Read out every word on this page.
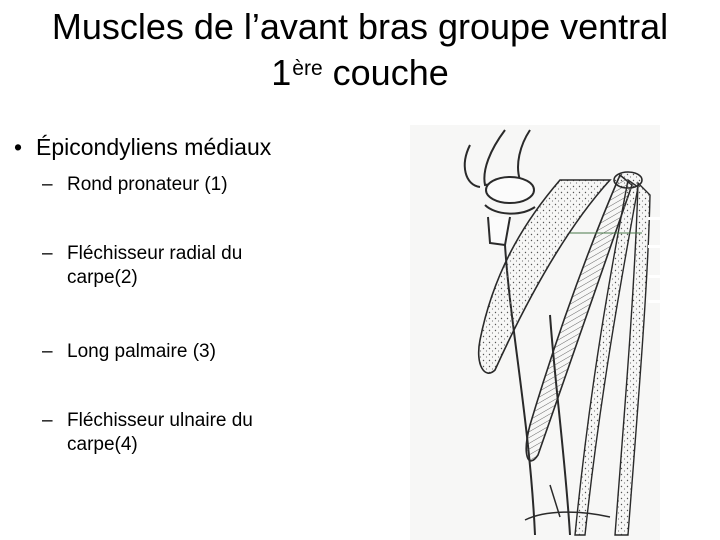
Muscles de l’avant bras groupe ventral
1ère couche
• Épicondyliens médiaux
– Rond pronateur (1)
– Fléchisseur radial du carpe(2)
– Long palmaire (3)
– Fléchisseur ulnaire du carpe(4)
